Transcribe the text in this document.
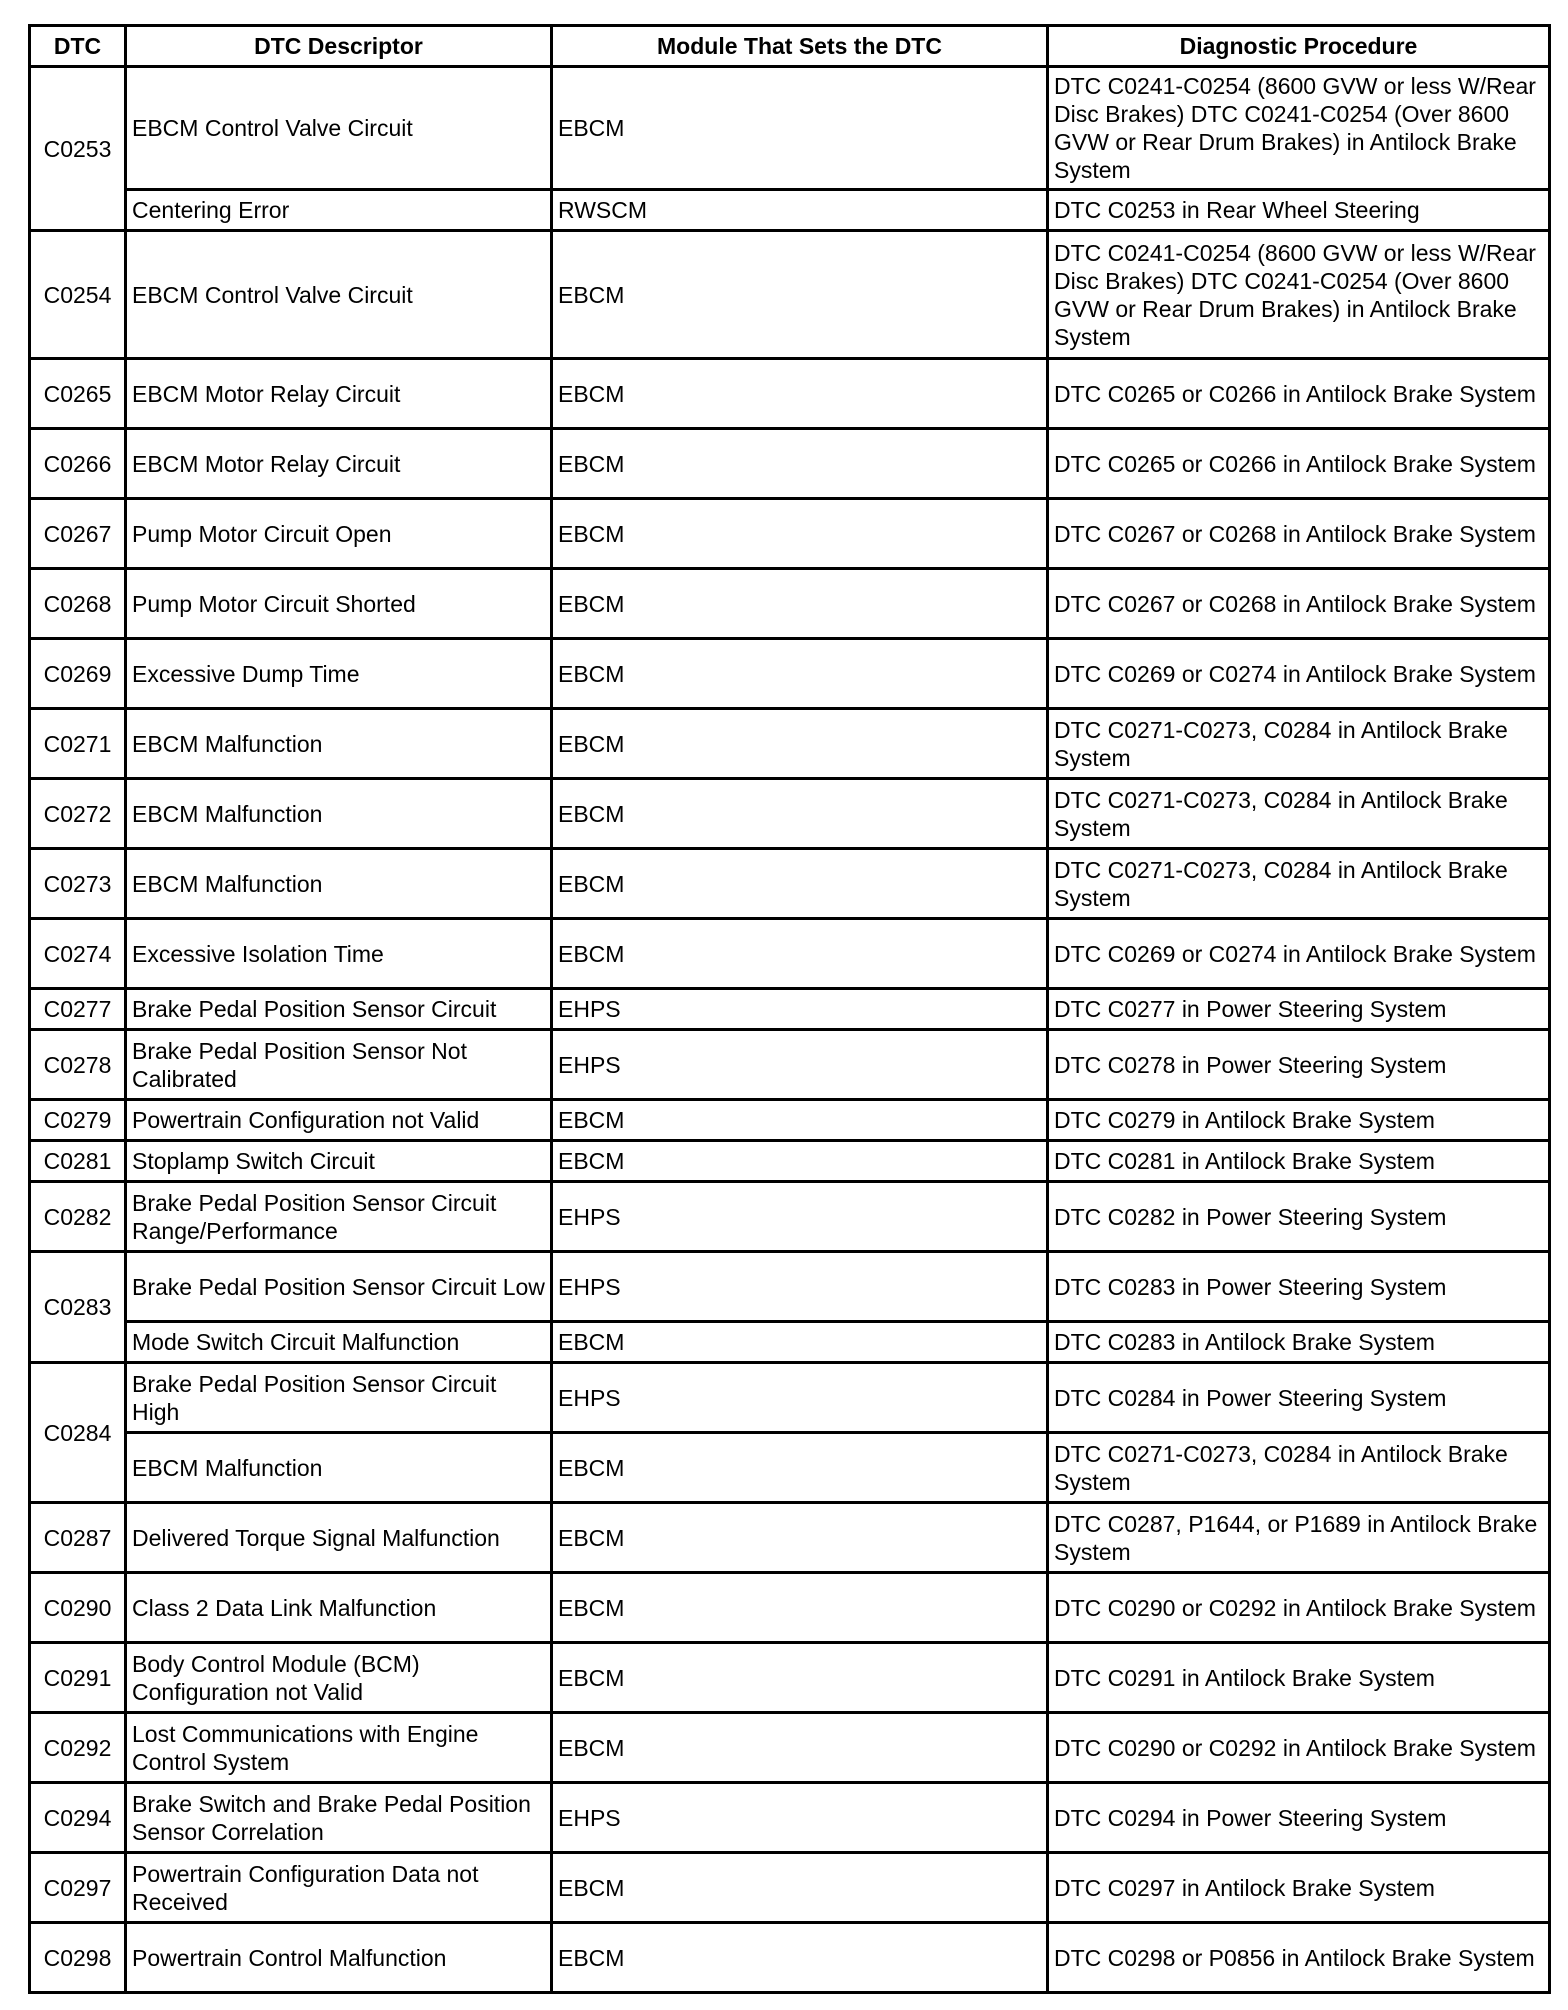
DTC	DTC Descriptor	Module That Sets the DTC	Diagnostic Procedure
C0253	EBCM Control Valve Circuit	EBCM	DTC C0241-C0254 (8600 GVW or less W/Rear Disc Brakes) DTC C0241-C0254 (Over 8600 GVW or Rear Drum Brakes) in Antilock Brake System
	Centering Error	RWSCM	DTC C0253 in Rear Wheel Steering
C0254	EBCM Control Valve Circuit	EBCM	DTC C0241-C0254 (8600 GVW or less W/Rear Disc Brakes) DTC C0241-C0254 (Over 8600 GVW or Rear Drum Brakes) in Antilock Brake System
C0265	EBCM Motor Relay Circuit	EBCM	DTC C0265 or C0266 in Antilock Brake System
C0266	EBCM Motor Relay Circuit	EBCM	DTC C0265 or C0266 in Antilock Brake System
C0267	Pump Motor Circuit Open	EBCM	DTC C0267 or C0268 in Antilock Brake System
C0268	Pump Motor Circuit Shorted	EBCM	DTC C0267 or C0268 in Antilock Brake System
C0269	Excessive Dump Time	EBCM	DTC C0269 or C0274 in Antilock Brake System
C0271	EBCM Malfunction	EBCM	DTC C0271-C0273, C0284 in Antilock Brake System
C0272	EBCM Malfunction	EBCM	DTC C0271-C0273, C0284 in Antilock Brake System
C0273	EBCM Malfunction	EBCM	DTC C0271-C0273, C0284 in Antilock Brake System
C0274	Excessive Isolation Time	EBCM	DTC C0269 or C0274 in Antilock Brake System
C0277	Brake Pedal Position Sensor Circuit	EHPS	DTC C0277 in Power Steering System
C0278	Brake Pedal Position Sensor Not Calibrated	EHPS	DTC C0278 in Power Steering System
C0279	Powertrain Configuration not Valid	EBCM	DTC C0279 in Antilock Brake System
C0281	Stoplamp Switch Circuit	EBCM	DTC C0281 in Antilock Brake System
C0282	Brake Pedal Position Sensor Circuit Range/Performance	EHPS	DTC C0282 in Power Steering System
C0283	Brake Pedal Position Sensor Circuit Low	EHPS	DTC C0283 in Power Steering System
	Mode Switch Circuit Malfunction	EBCM	DTC C0283 in Antilock Brake System
C0284	Brake Pedal Position Sensor Circuit High	EHPS	DTC C0284 in Power Steering System
	EBCM Malfunction	EBCM	DTC C0271-C0273, C0284 in Antilock Brake System
C0287	Delivered Torque Signal Malfunction	EBCM	DTC C0287, P1644, or P1689 in Antilock Brake System
C0290	Class 2 Data Link Malfunction	EBCM	DTC C0290 or C0292 in Antilock Brake System
C0291	Body Control Module (BCM) Configuration not Valid	EBCM	DTC C0291 in Antilock Brake System
C0292	Lost Communications with Engine Control System	EBCM	DTC C0290 or C0292 in Antilock Brake System
C0294	Brake Switch and Brake Pedal Position Sensor Correlation	EHPS	DTC C0294 in Power Steering System
C0297	Powertrain Configuration Data not Received	EBCM	DTC C0297 in Antilock Brake System
C0298	Powertrain Control Malfunction	EBCM	DTC C0298 or P0856 in Antilock Brake System
